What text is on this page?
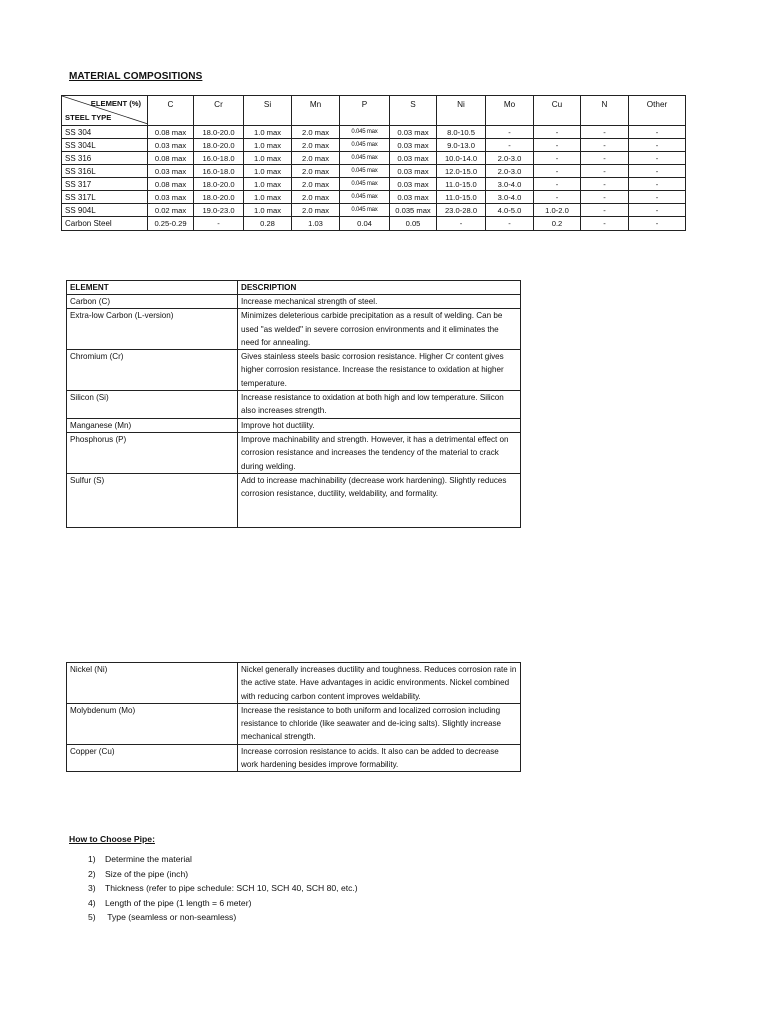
MATERIAL COMPOSITIONS
ELEMENT (%)
STEEL TYPE	C	Cr	Si	Mn	P	S	Ni	Mo	Cu	N	Other
SS 304	0.08 max	18.0-20.0	1.0 max	2.0 max	0.045 max	0.03 max	8.0-10.5	-	-	-	-
SS 304L	0.03 max	18.0-20.0	1.0 max	2.0 max	0.045 max	0.03 max	9.0-13.0	-	-	-	-
SS 316	0.08 max	16.0-18.0	1.0 max	2.0 max	0.045 max	0.03 max	10.0-14.0	2.0-3.0	-	-	-
SS 316L	0.03 max	16.0-18.0	1.0 max	2.0 max	0.045 max	0.03 max	12.0-15.0	2.0-3.0	-	-	-
SS 317	0.08 max	18.0-20.0	1.0 max	2.0 max	0.045 max	0.03 max	11.0-15.0	3.0-4.0	-	-	-
SS 317L	0.03 max	18.0-20.0	1.0 max	2.0 max	0.045 max	0.03 max	11.0-15.0	3.0-4.0	-	-	-
SS 904L	0.02 max	19.0-23.0	1.0 max	2.0 max	0.045 max	0.035 max	23.0-28.0	4.0-5.0	1.0-2.0	-	-
Carbon Steel	0.25-0.29	-	0.28	1.03	0.04	0.05	-	-	0.2	-	-
ELEMENT	DESCRIPTION
Carbon (C)	Increase mechanical strength of steel.
Extra-low Carbon (L-version)	Minimizes deleterious carbide precipitation as a result of welding. Can be used "as welded" in severe corrosion environments and it eliminates the need for annealing.
Chromium (Cr)	Gives stainless steels basic corrosion resistance. Higher Cr content gives higher corrosion resistance. Increase the resistance to oxidation at higher temperature.
Silicon (Si)	Increase resistance to oxidation at both high and low temperature. Silicon also increases strength.
Manganese (Mn)	Improve hot ductility.
Phosphorus (P)	Improve machinability and strength. However, it has a detrimental effect on corrosion resistance and increases the tendency of the material to crack during welding.
Sulfur (S)	Add to increase machinability (decrease work hardening). Slightly reduces corrosion resistance, ductility, weldability, and formality.
Nickel (Ni)	Nickel generally increases ductility and toughness. Reduces corrosion rate in the active state. Have advantages in acidic environments. Nickel combined with reducing carbon content improves weldability.
Molybdenum (Mo)	Increase the resistance to both uniform and localized corrosion including resistance to chloride (like seawater and de-icing salts). Slightly increase mechanical strength.
Copper (Cu)	Increase corrosion resistance to acids. It also can be added to decrease work hardening besides improve formability.
How to Choose Pipe:
1) Determine the material
2) Size of the pipe (inch)
3) Thickness (refer to pipe schedule: SCH 10, SCH 40, SCH 80, etc.)
4) Length of the pipe (1 length = 6 meter)
5) Type (seamless or non-seamless)
